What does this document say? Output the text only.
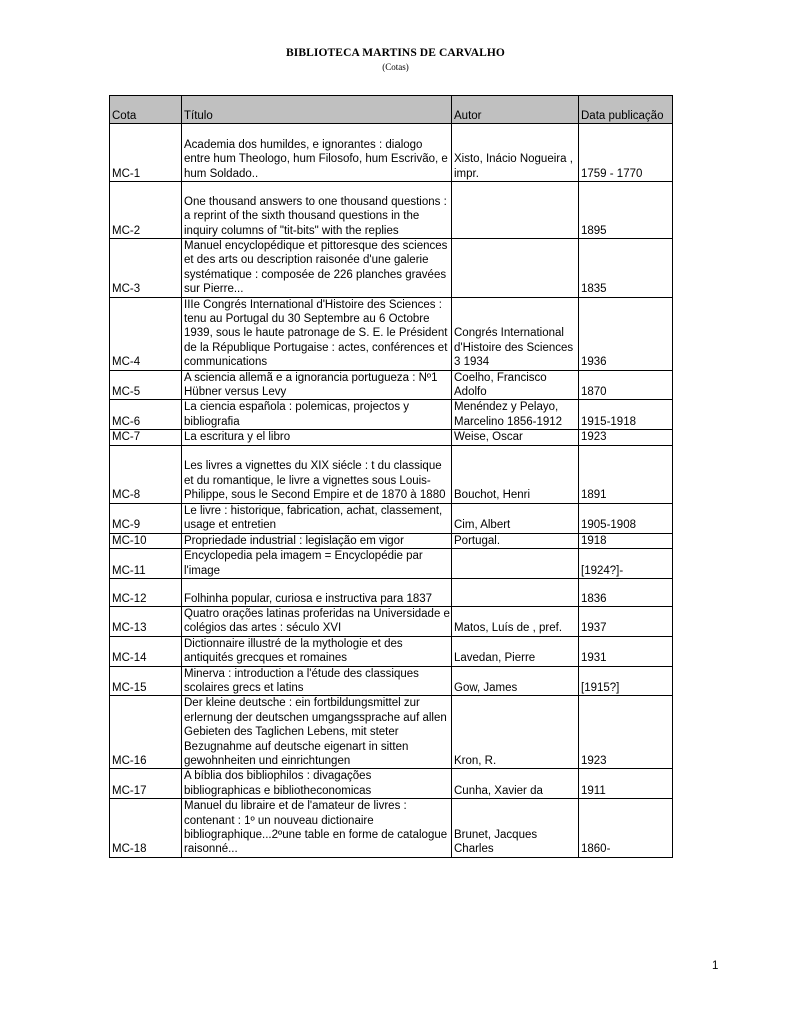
BIBLIOTECA MARTINS DE CARVALHO
(Cotas)
Cota	Título	Autor	Data publicação
MC-1	Academia dos humildes, e ignorantes : dialogo entre hum Theologo, hum Filosofo, hum Escrivão, e hum Soldado..	Xisto, Inácio Nogueira , impr.	1759 - 1770
MC-2	One thousand answers to one thousand questions : a reprint of the sixth thousand questions in the inquiry columns of "tit-bits" with the replies		1895
MC-3	Manuel encyclopédique et pittoresque des sciences et des arts ou description raisonée d'une galerie systématique : composée de 226 planches gravées sur Pierre...		1835
MC-4	IIIe Congrés International d'Histoire des Sciences : tenu au Portugal du 30 Septembre au 6 Octobre 1939, sous le haute patronage de S. E. le Président de la République Portugaise : actes, conférences et communications	Congrés International d'Histoire des Sciences 3 1934	1936
MC-5	A sciencia allemã e a ignorancia portugueza : Nº1 Hübner versus Levy	Coelho, Francisco Adolfo	1870
MC-6	La ciencia española : polemicas, projectos y bibliografia	Menéndez y Pelayo, Marcelino 1856-1912	1915-1918
MC-7	La escritura y el libro	Weise, Oscar	1923
MC-8	Les livres a vignettes du XIX siécle : t du classique et du romantique, le livre a vignettes sous Louis-Philippe, sous le Second Empire et de 1870 à 1880	Bouchot, Henri	1891
MC-9	Le livre : historique, fabrication, achat, classement, usage et entretien	Cim, Albert	1905-1908
MC-10	Propriedade industrial : legislação em vigor	Portugal.	1918
MC-11	Encyclopedia pela imagem = Encyclopédie par l'image		[1924?]-
MC-12	Folhinha popular, curiosa e instructiva para 1837		1836
MC-13	Quatro orações latinas proferidas na Universidade e colégios das artes : século XVI	Matos, Luís de , pref.	1937
MC-14	Dictionnaire illustré de la mythologie et des antiquités grecques et romaines	Lavedan, Pierre	1931
MC-15	Minerva : introduction a l'étude des classiques scolaires grecs et latins	Gow, James	[1915?]
MC-16	Der kleine deutsche : ein fortbildungsmittel zur erlernung der deutschen umgangssprache auf allen Gebieten des Taglichen Lebens, mit steter Bezugnahme auf deutsche eigenart in sitten gewohnheiten und einrichtungen	Kron, R.	1923
MC-17	A bíblia dos bibliophilos : divagações bibliographicas e bibliotheconomicas	Cunha, Xavier da	1911
MC-18	Manuel du libraire et de l'amateur de livres : contenant : 1º un nouveau dictionaire bibliographique...2ºune table en forme de catalogue raisonné...	Brunet, Jacques Charles	1860-
1
